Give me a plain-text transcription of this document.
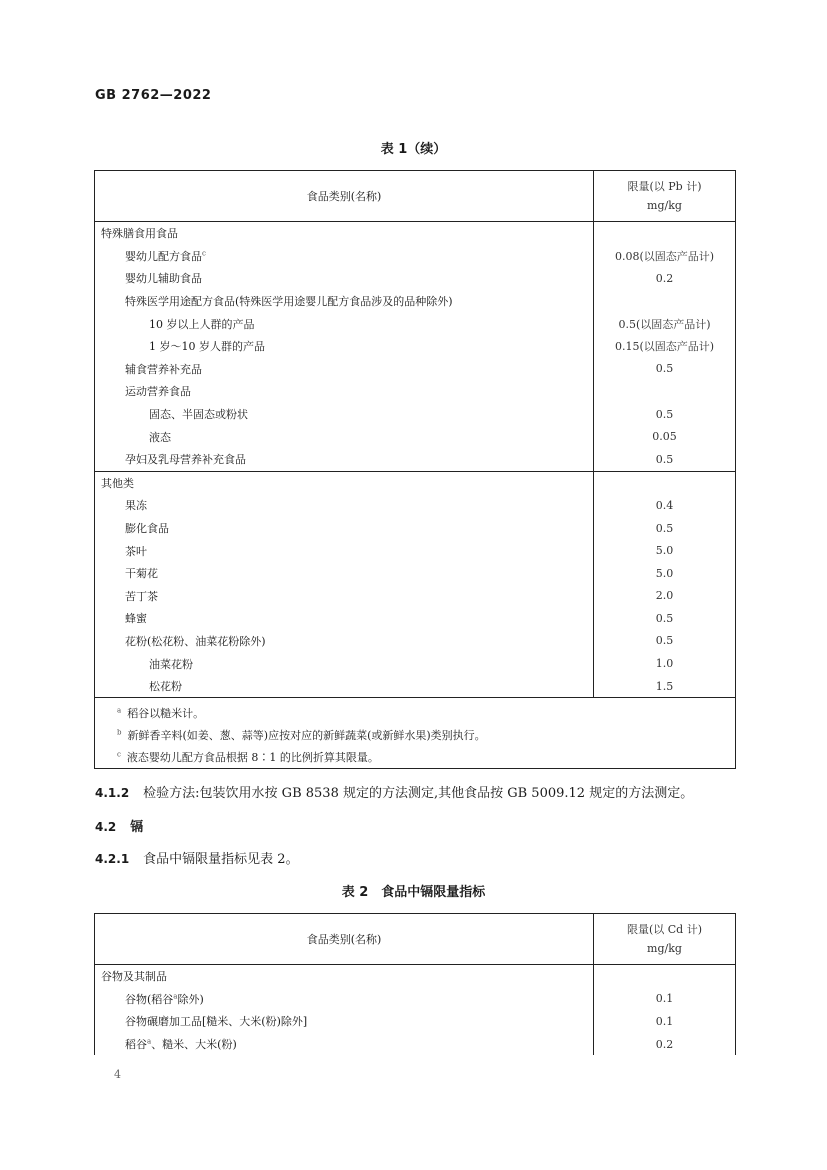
GB 2762—2022
表 1（续）
食品类别(名称)	限量(以 Pb 计)
mg/kg

特殊膳食用食品	
婴幼儿配方食品$^c$	0.08(以固态产品计)
婴幼儿辅助食品	0.2
特殊医学用途配方食品(特殊医学用途婴儿配方食品涉及的品种除外)	
10 岁以上人群的产品	0.5(以固态产品计)
1 岁～10 岁人群的产品	0.15(以固态产品计)
辅食营养补充品	0.5
运动营养食品	
固态、半固态或粉状	0.5
液态	0.05
孕妇及乳母营养补充食品	0.5
其他类	
果冻	0.4
膨化食品	0.5
茶叶	5.0
干菊花	5.0
苦丁茶	2.0
蜂蜜	0.5
花粉(松花粉、油菜花粉除外)	0.5
油菜花粉	1.0
松花粉	1.5
$^a$ 稻谷以糙米计。	
$^b$ 新鲜香辛料(如姜、葱、蒜等)应按对应的新鲜蔬菜(或新鲜水果)类别执行。	
$^c$ 液态婴幼儿配方食品根据 8∶1 的比例折算其限量。	
4.1.2 检验方法:包装饮用水按 GB 8538 规定的方法测定,其他食品按 GB 5009.12 规定的方法测定。
4.2 镉
4.2.1 食品中镉限量指标见表 2。
表 2　食品中镉限量指标
食品类别(名称)	限量(以 Cd 计)
mg/kg

谷物及其制品	
谷物(稻谷$^a$除外)	0.1
谷物碾磨加工品[糙米、大米(粉)除外]	0.1
稻谷$^a$、糙米、大米(粉)	0.2
4
